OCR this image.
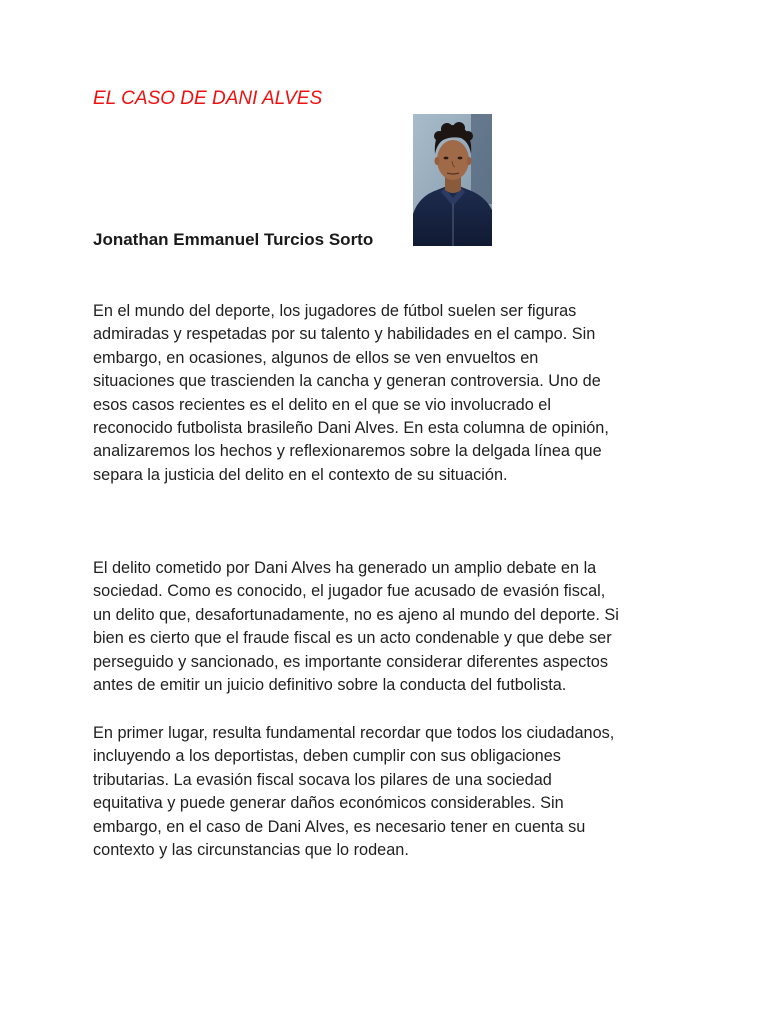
EL CASO DE DANI ALVES
Jonathan Emmanuel Turcios Sorto

En el mundo del deporte, los jugadores de fútbol suelen ser figuras
admiradas y respetadas por su talento y habilidades en el campo. Sin
embargo, en ocasiones, algunos de ellos se ven envueltos en
situaciones que trascienden la cancha y generan controversia. Uno de
esos casos recientes es el delito en el que se vio involucrado el
reconocido futbolista brasileño Dani Alves. En esta columna de opinión,
analizaremos los hechos y reflexionaremos sobre la delgada línea que
separa la justicia del delito en el contexto de su situación.

El delito cometido por Dani Alves ha generado un amplio debate en la
sociedad. Como es conocido, el jugador fue acusado de evasión fiscal,
un delito que, desafortunadamente, no es ajeno al mundo del deporte. Si
bien es cierto que el fraude fiscal es un acto condenable y que debe ser
perseguido y sancionado, es importante considerar diferentes aspectos
antes de emitir un juicio definitivo sobre la conducta del futbolista.

En primer lugar, resulta fundamental recordar que todos los ciudadanos,
incluyendo a los deportistas, deben cumplir con sus obligaciones
tributarias. La evasión fiscal socava los pilares de una sociedad
equitativa y puede generar daños económicos considerables. Sin
embargo, en el caso de Dani Alves, es necesario tener en cuenta su
contexto y las circunstancias que lo rodean.
